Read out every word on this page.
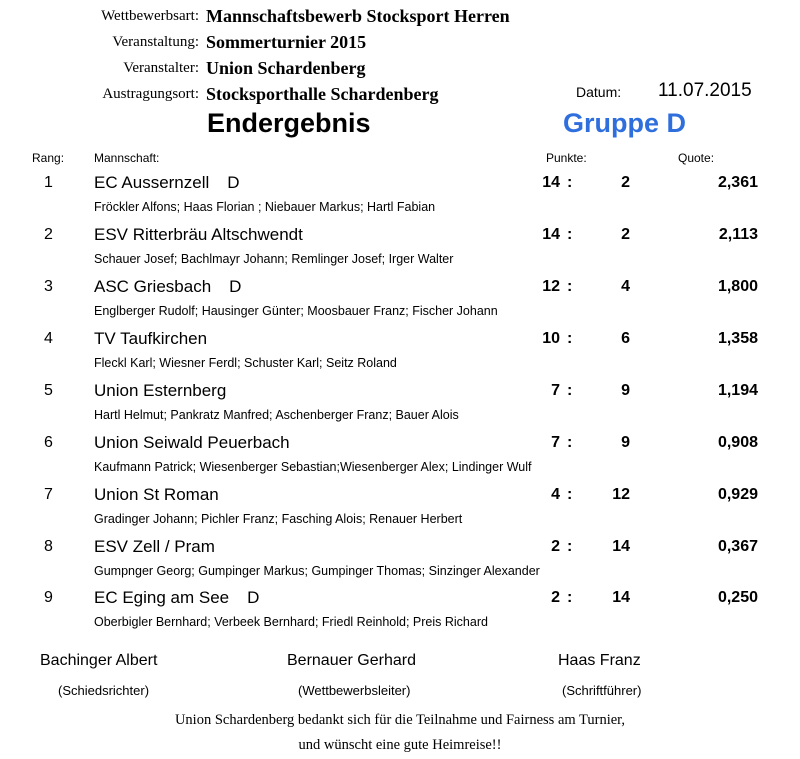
Wettbewerbsart: Mannschaftsbewerb Stocksport Herren
Veranstaltung: Sommerturnier 2015
Veranstalter: Union Schardenberg
Austragungsort: Stocksporthalle Schardenberg	Datum: 11.07.2015
Endergebnis	Gruppe D
Rang: Mannschaft:	Punkte:	Quote:
1 EC Aussernzell D	14 :	2	2,361
Fröckler Alfons; Haas Florian ; Niebauer Markus; Hartl Fabian
2 ESV Ritterbräu Altschwendt	14 :	2	2,113
Schauer Josef; Bachlmayr Johann; Remlinger Josef; Irger Walter
3 ASC Griesbach D	12 :	4	1,800
Englberger Rudolf; Hausinger Günter; Moosbauer Franz; Fischer Johann
4 TV Taufkirchen	10 :	6	1,358
Fleckl Karl; Wiesner Ferdl; Schuster Karl; Seitz Roland
5 Union Esternberg	7 :	9	1,194
Hartl Helmut; Pankratz Manfred; Aschenberger Franz; Bauer Alois
6 Union Seiwald Peuerbach	7 :	9	0,908
Kaufmann Patrick; Wiesenberger Sebastian;Wiesenberger Alex; Lindinger Wulf
7 Union St Roman	4 :	12	0,929
Gradinger Johann; Pichler Franz; Fasching Alois; Renauer Herbert
8 ESV Zell / Pram	2 :	14	0,367
Gumpnger Georg; Gumpinger Markus; Gumpinger Thomas; Sinzinger Alexander
9 EC Eging am See D	2 :	14	0,250
Oberbigler Bernhard; Verbeek Bernhard; Friedl Reinhold; Preis Richard
Bachinger Albert
(Schiedsrichter)
Bernauer Gerhard
(Wettbewerbsleiter)
Haas Franz
(Schriftführer)
Union Schardenberg bedankt sich für die Teilnahme und Fairness am Turnier,
und wünscht eine gute Heimreise!!
